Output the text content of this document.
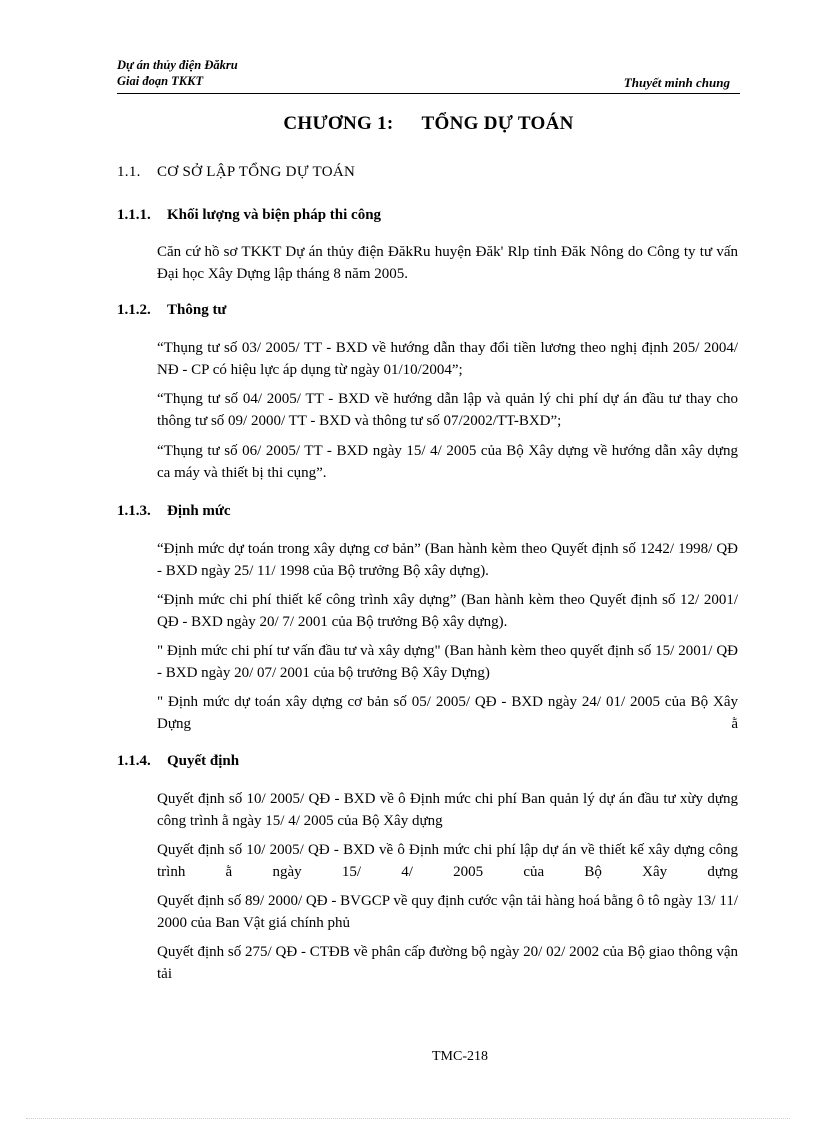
Dự án thủy điện Đăkru
Giai đoạn TKKT	Thuyết minh chung
CHƯƠNG 1: TỔNG DỰ TOÁN
1.1. CƠ SỞ LẬP TỔNG DỰ TOÁN
1.1.1. Khối lượng và biện pháp thi công
Căn cứ hồ sơ TKKT Dự án thủy điện ĐăkRu huyện Đăk' Rlp tỉnh Đăk Nông do Công ty tư vấn Đại học Xây Dựng lập tháng 8 năm 2005.
1.1.2. Thông tư
“Thụng tư số 03/ 2005/ TT - BXD về hướng dẫn thay đổi tiền lương theo nghị định 205/ 2004/ NĐ - CP có hiệu lực áp dụng từ ngày 01/10/2004”;
“Thụng tư số 04/ 2005/ TT - BXD về hướng dẫn lập và quản lý chi phí dự án đầu tư thay cho thông tư số 09/ 2000/ TT - BXD và thông tư số 07/2002/TT-BXD”;
“Thụng tư số 06/ 2005/ TT - BXD ngày 15/ 4/ 2005 của Bộ Xây dựng về hướng dẫn xây dựng ca máy và thiết bị thi cụng”.
1.1.3. Định mức
“Định mức dự toán trong xây dựng cơ bản” (Ban hành kèm theo Quyết định số 1242/ 1998/ QĐ - BXD ngày 25/ 11/ 1998 của Bộ trưởng Bộ xây dựng).
“Định mức chi phí thiết kế công trình xây dựng” (Ban hành kèm theo Quyết định số 12/ 2001/ QĐ - BXD ngày 20/ 7/ 2001 của Bộ trưởng Bộ xây dựng).
" Định mức chi phí tư vấn đầu tư và xây dựng" (Ban hành kèm theo quyết định số 15/ 2001/ QĐ - BXD ngày 20/ 07/ 2001 của bộ trưởng Bộ Xây Dựng)
" Định mức dự toán xây dựng cơ bản số 05/ 2005/ QĐ - BXD ngày 24/ 01/ 2005 của Bộ Xây Dựng ằ
1.1.4. Quyết định
Quyết định số 10/ 2005/ QĐ - BXD về ô Định mức chi phí Ban quản lý dự án đầu tư xừy dựng công trình ằ ngày 15/ 4/ 2005 của Bộ Xây dựng
Quyết định số 10/ 2005/ QĐ - BXD về ô Định mức chi phí lập dự án về thiết kế xây dựng công trình ằ ngày 15/ 4/ 2005 của Bộ Xây dựng
Quyết định số 89/ 2000/ QĐ - BVGCP về quy định cước vận tải hàng hoá bằng ô tô ngày 13/ 11/ 2000 của Ban Vật giá chính phủ
Quyết định số 275/ QĐ - CTĐB về phân cấp đường bộ ngày 20/ 02/ 2002 của Bộ giao thông vận tải
TMC-218
